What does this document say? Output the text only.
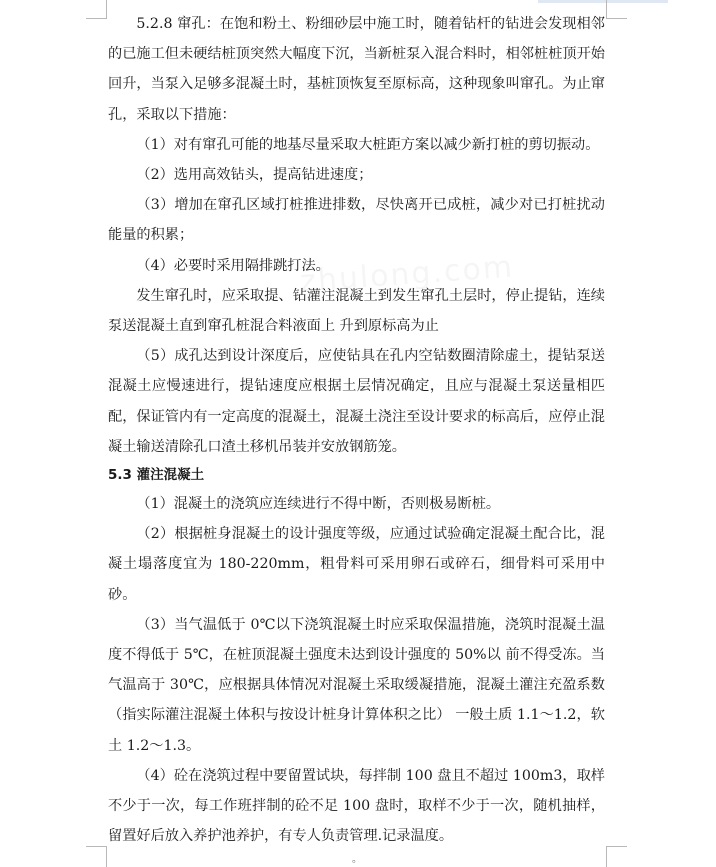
5.2.8 窜孔：在饱和粉土、粉细砂层中施工时，随着钻杆的钻进会发现相邻的已施工但未硬结桩顶突然大幅度下沉，当新桩泵入混合料时，相邻桩桩顶开始回升，当泵入足够多混凝土时，基桩顶恢复至原标高，这种现象叫窜孔。为止窜孔，采取以下措施：

（1）对有窜孔可能的地基尽量采取大桩距方案以减少新打桩的剪切振动。

（2）选用高效钻头，提高钻进速度；

（3）增加在窜孔区域打桩推进排数，尽快离开已成桩，减少对已打桩扰动能量的积累；

（4）必要时采用隔排跳打法。

发生窜孔时，应采取提、钻灌注混凝土到发生窜孔土层时，停止提钻，连续泵送混凝土直到窜孔桩混合料液面上 升到原标高为止

（5）成孔达到设计深度后，应使钻具在孔内空钻数圈清除虚土，提钻泵送混凝土应慢速进行，提钻速度应根据土层情况确定，且应与混凝土泵送量相匹配，保证管内有一定高度的混凝土，混凝土浇注至设计要求的标高后，应停止混凝土输送清除孔口渣土移机吊装并安放钢筋笼。

5.3 灌注混凝土

（1）混凝土的浇筑应连续进行不得中断，否则极易断桩。

（2）根据桩身混凝土的设计强度等级，应通过试验确定混凝土配合比，混凝土塌落度宜为 180-220mm，粗骨料可采用卵石或碎石，细骨料可采用中砂。

（3）当气温低于 0℃以下浇筑混凝土时应采取保温措施，浇筑时混凝土温度不得低于 5℃，在桩顶混凝土强度未达到设计强度的 50%以 前不得受冻。当气温高于 30℃，应根据具体情况对混凝土采取缓凝措施，混凝土灌注充盈系数（指实际灌注混凝土体积与按设计桩身计算体积之比） 一般土质 1.1～1.2，软土 1.2～1.3。

（4）砼在浇筑过程中要留置试块，每拌制 100 盘且不超过 100m3，取样不少于一次，每工作班拌制的砼不足 100 盘时，取样不少于一次，随机抽样，留置好后放入养护池养护，有专人负责管理.记录温度。

。
